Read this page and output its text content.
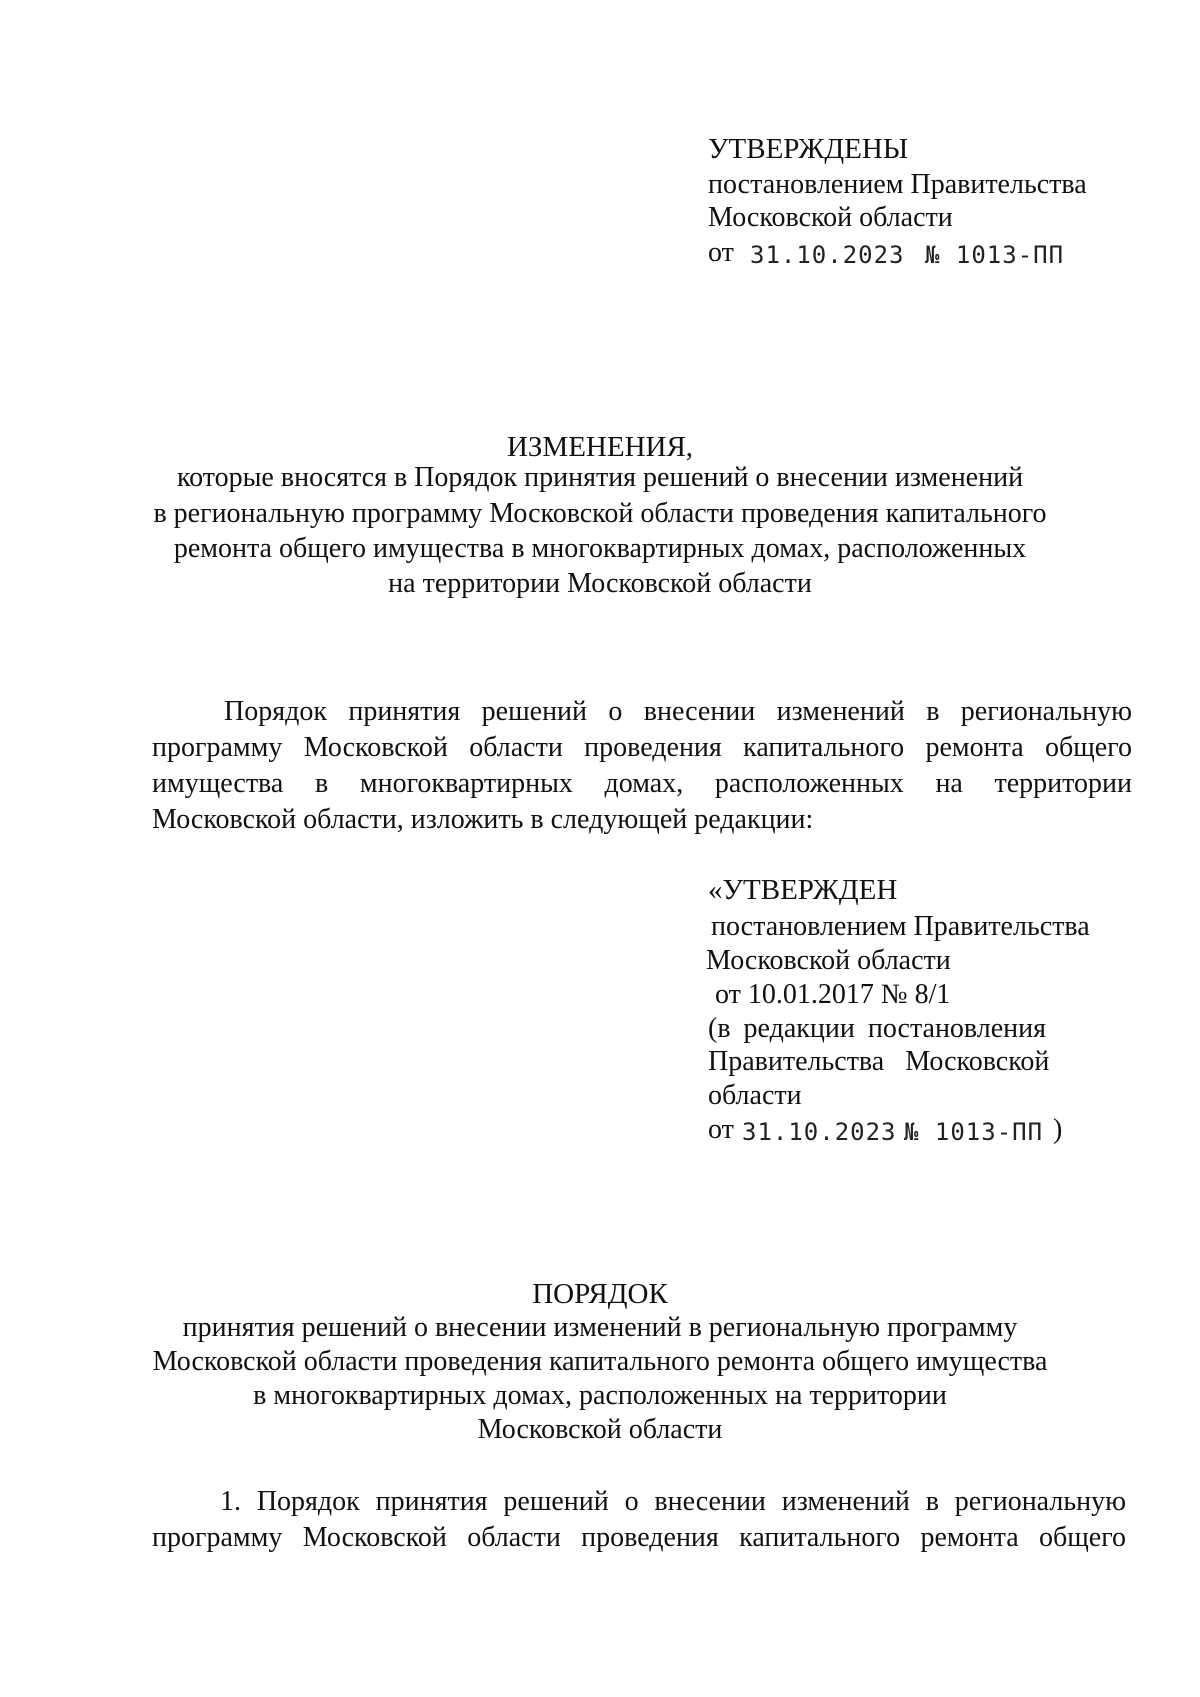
УТВЕРЖДЕНЫ
постановлением Правительства
Московской области
от 31.10.2023 № 1013-ПП
ИЗМЕНЕНИЯ,
которые вносятся в Порядок принятия решений о внесении изменений
в региональную программу Московской области проведения капитального
ремонта общего имущества в многоквартирных домах, расположенных
на территории Московской области
Порядок принятия решений о внесении изменений в региональную
программу Московской области проведения капитального ремонта общего
имущества в многоквартирных домах, расположенных на территории
Московской области, изложить в следующей редакции:
«УТВЕРЖДЕН
постановлением Правительства
Московской области
от 10.01.2017 № 8/1
(в редакции постановления
Правительства Московской
области
от 31.10.2023 № 1013-ПП )
ПОРЯДОК
принятия решений о внесении изменений в региональную программу
Московской области проведения капитального ремонта общего имущества
в многоквартирных домах, расположенных на территории
Московской области
1. Порядок принятия решений о внесении изменений в региональную
программу Московской области проведения капитального ремонта общего
